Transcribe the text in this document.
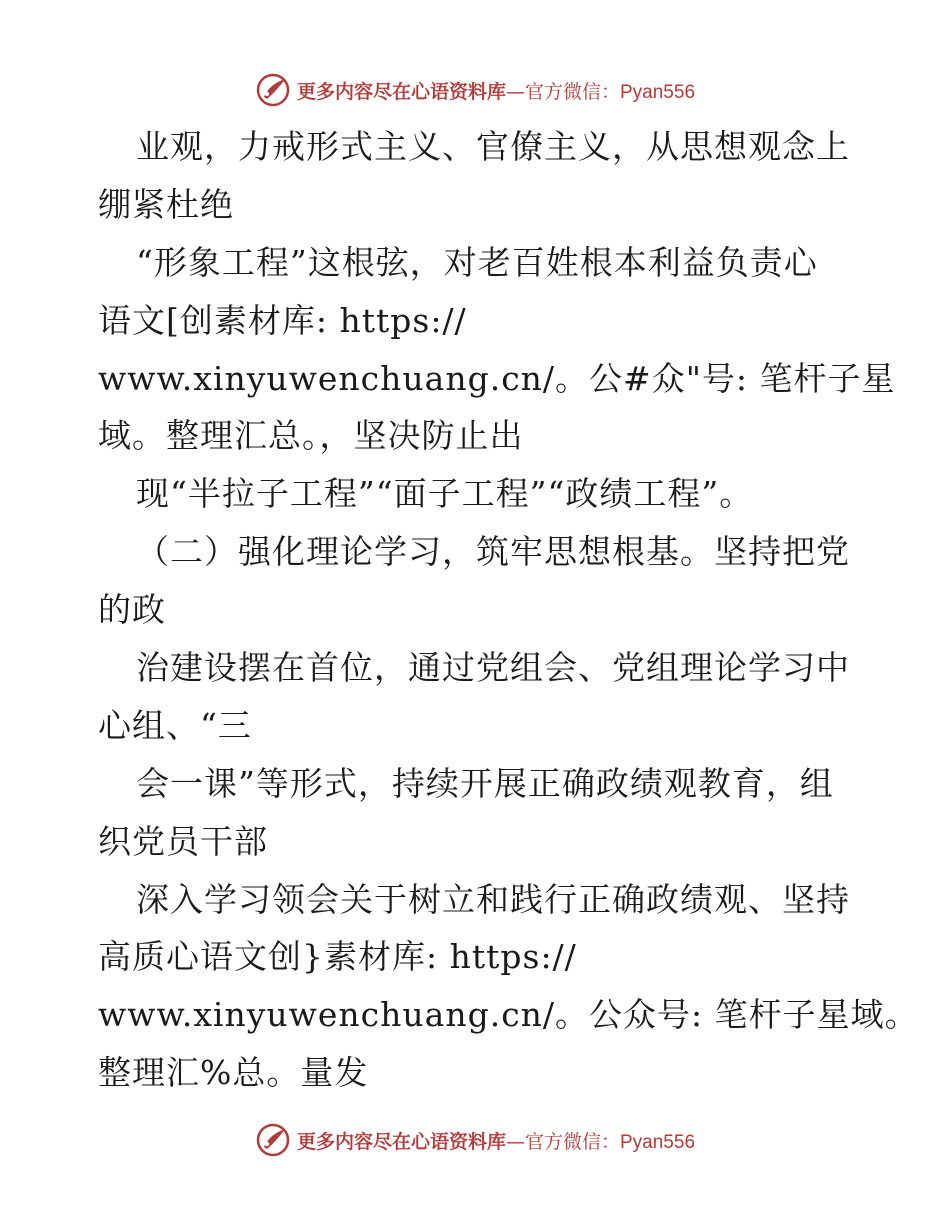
更多内容尽在心语资料库—官方微信：Pyan556
业观，力戒形式主义、官僚主义，从思想观念上
绷紧杜绝
“形象工程”这根弦，对老百姓根本利益负责心
语文[创素材库: https://
www.xinyuwenchuang.cn/。公#众"号: 笔杆子星
域。整理汇总。，坚决防止出
现“半拉子工程”“面子工程”“政绩工程”。
（二）强化理论学习，筑牢思想根基。坚持把党
的政
治建设摆在首位，通过党组会、党组理论学习中
心组、“三
会一课”等形式，持续开展正确政绩观教育，组
织党员干部
深入学习领会关于树立和践行正确政绩观、坚持
高质心语文创}素材库: https://
www.xinyuwenchuang.cn/。公众号: 笔杆子星域。
整理汇%总。量发
更多内容尽在心语资料库—官方微信：Pyan556
